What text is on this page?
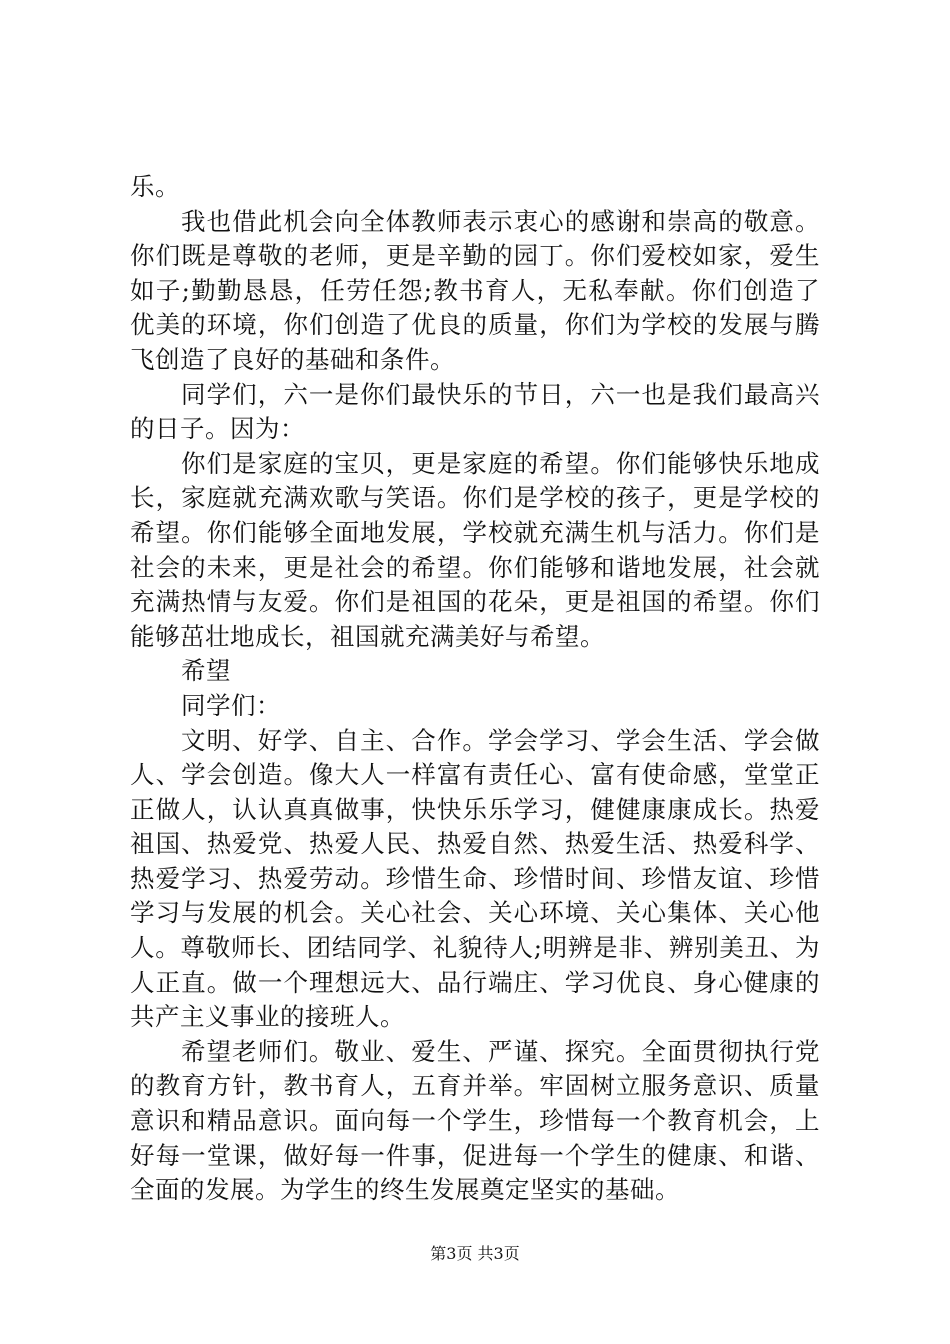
乐。

我也借此机会向全体教师表示衷心的感谢和崇高的敬意。你们既是尊敬的老师，更是辛勤的园丁。你们爱校如家，爱生如子;勤勤恳恳，任劳任怨;教书育人，无私奉献。你们创造了优美的环境，你们创造了优良的质量，你们为学校的发展与腾飞创造了良好的基础和条件。

同学们，六一是你们最快乐的节日，六一也是我们最高兴的日子。因为：

你们是家庭的宝贝，更是家庭的希望。你们能够快乐地成长，家庭就充满欢歌与笑语。你们是学校的孩子，更是学校的希望。你们能够全面地发展，学校就充满生机与活力。你们是社会的未来，更是社会的希望。你们能够和谐地发展，社会就充满热情与友爱。你们是祖国的花朵，更是祖国的希望。你们能够茁壮地成长，祖国就充满美好与希望。

希望

同学们：

文明、好学、自主、合作。学会学习、学会生活、学会做人、学会创造。像大人一样富有责任心、富有使命感，堂堂正正做人，认认真真做事，快快乐乐学习，健健康康成长。热爱祖国、热爱党、热爱人民、热爱自然、热爱生活、热爱科学、热爱学习、热爱劳动。珍惜生命、珍惜时间、珍惜友谊、珍惜学习与发展的机会。关心社会、关心环境、关心集体、关心他人。尊敬师长、团结同学、礼貌待人;明辨是非、辨别美丑、为人正直。做一个理想远大、品行端庄、学习优良、身心健康的共产主义事业的接班人。

希望老师们。敬业、爱生、严谨、探究。全面贯彻执行党的教育方针，教书育人，五育并举。牢固树立服务意识、质量意识和精品意识。面向每一个学生，珍惜每一个教育机会，上好每一堂课，做好每一件事，促进每一个学生的健康、和谐、全面的发展。为学生的终生发展奠定坚实的基础。

第3页 共3页
